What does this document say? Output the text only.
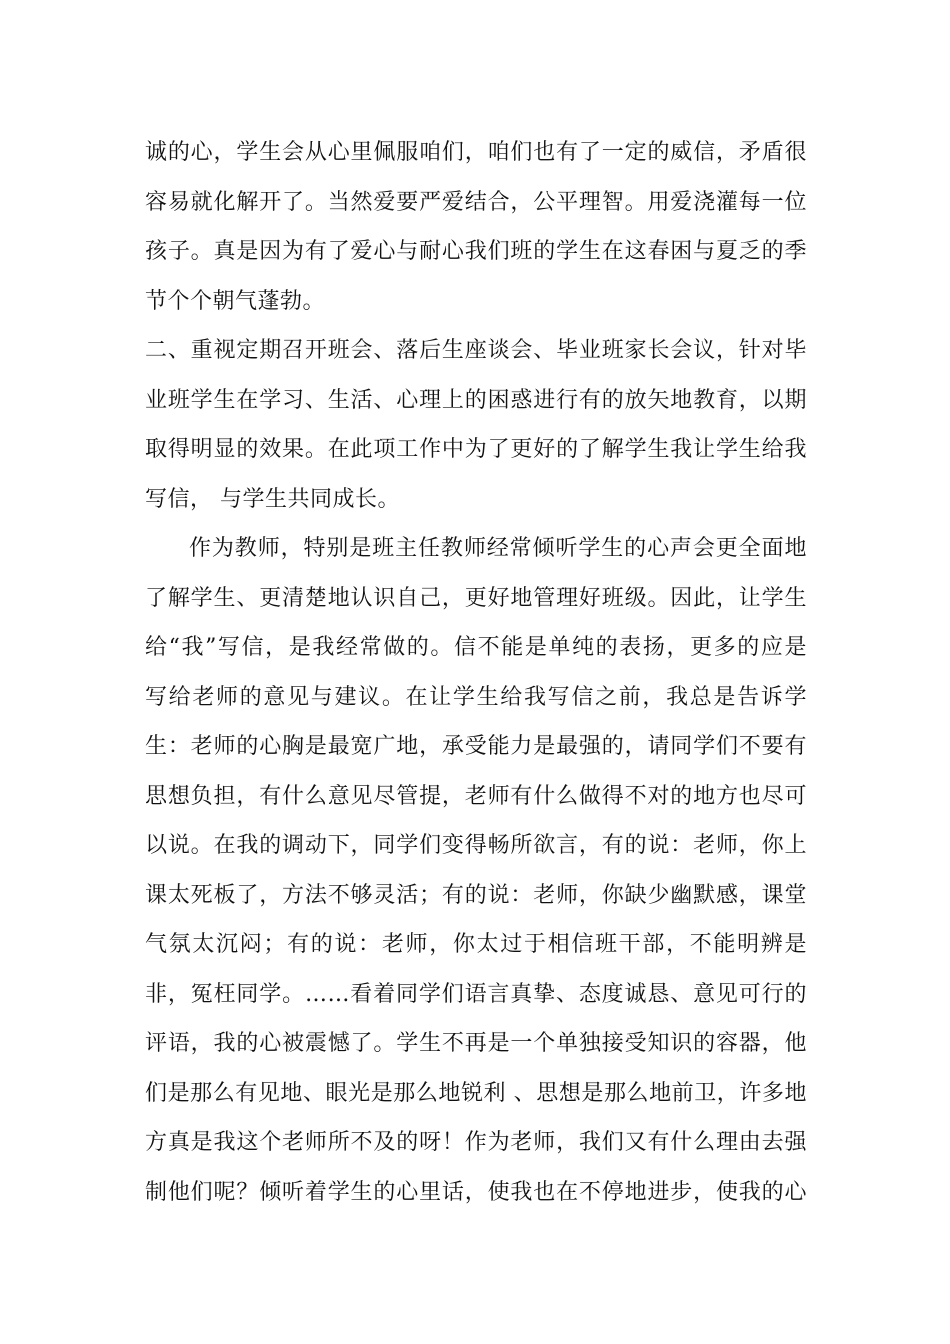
诚的心，学生会从心里佩服咱们，咱们也有了一定的威信，矛盾很
容易就化解开了。当然爱要严爱结合，公平理智。用爱浇灌每一位
孩子。真是因为有了爱心与耐心我们班的学生在这春困与夏乏的季
节个个朝气蓬勃。
二、重视定期召开班会、落后生座谈会、毕业班家长会议，针对毕
业班学生在学习、生活、心理上的困惑进行有的放矢地教育，以期
取得明显的效果。在此项工作中为了更好的了解学生我让学生给我
写信， 与学生共同成长。
作为教师，特别是班主任教师经常倾听学生的心声会更全面地
了解学生、更清楚地认识自己，更好地管理好班级。因此，让学生
给“我”写信，是我经常做的。信不能是单纯的表扬，更多的应是
写给老师的意见与建议。在让学生给我写信之前，我总是告诉学
生：老师的心胸是最宽广地，承受能力是最强的，请同学们不要有
思想负担，有什么意见尽管提，老师有什么做得不对的地方也尽可
以说。在我的调动下，同学们变得畅所欲言，有的说：老师，你上
课太死板了，方法不够灵活；有的说：老师，你缺少幽默感，课堂
气氛太沉闷；有的说：老师，你太过于相信班干部，不能明辨是
非，冤枉同学。……看着同学们语言真挚、态度诚恳、意见可行的
评语，我的心被震憾了。学生不再是一个单独接受知识的容器，他
们是那么有见地、眼光是那么地锐利 、思想是那么地前卫，许多地
方真是我这个老师所不及的呀！作为老师，我们又有什么理由去强
制他们呢？倾听着学生的心里话，使我也在不停地进步，使我的心
